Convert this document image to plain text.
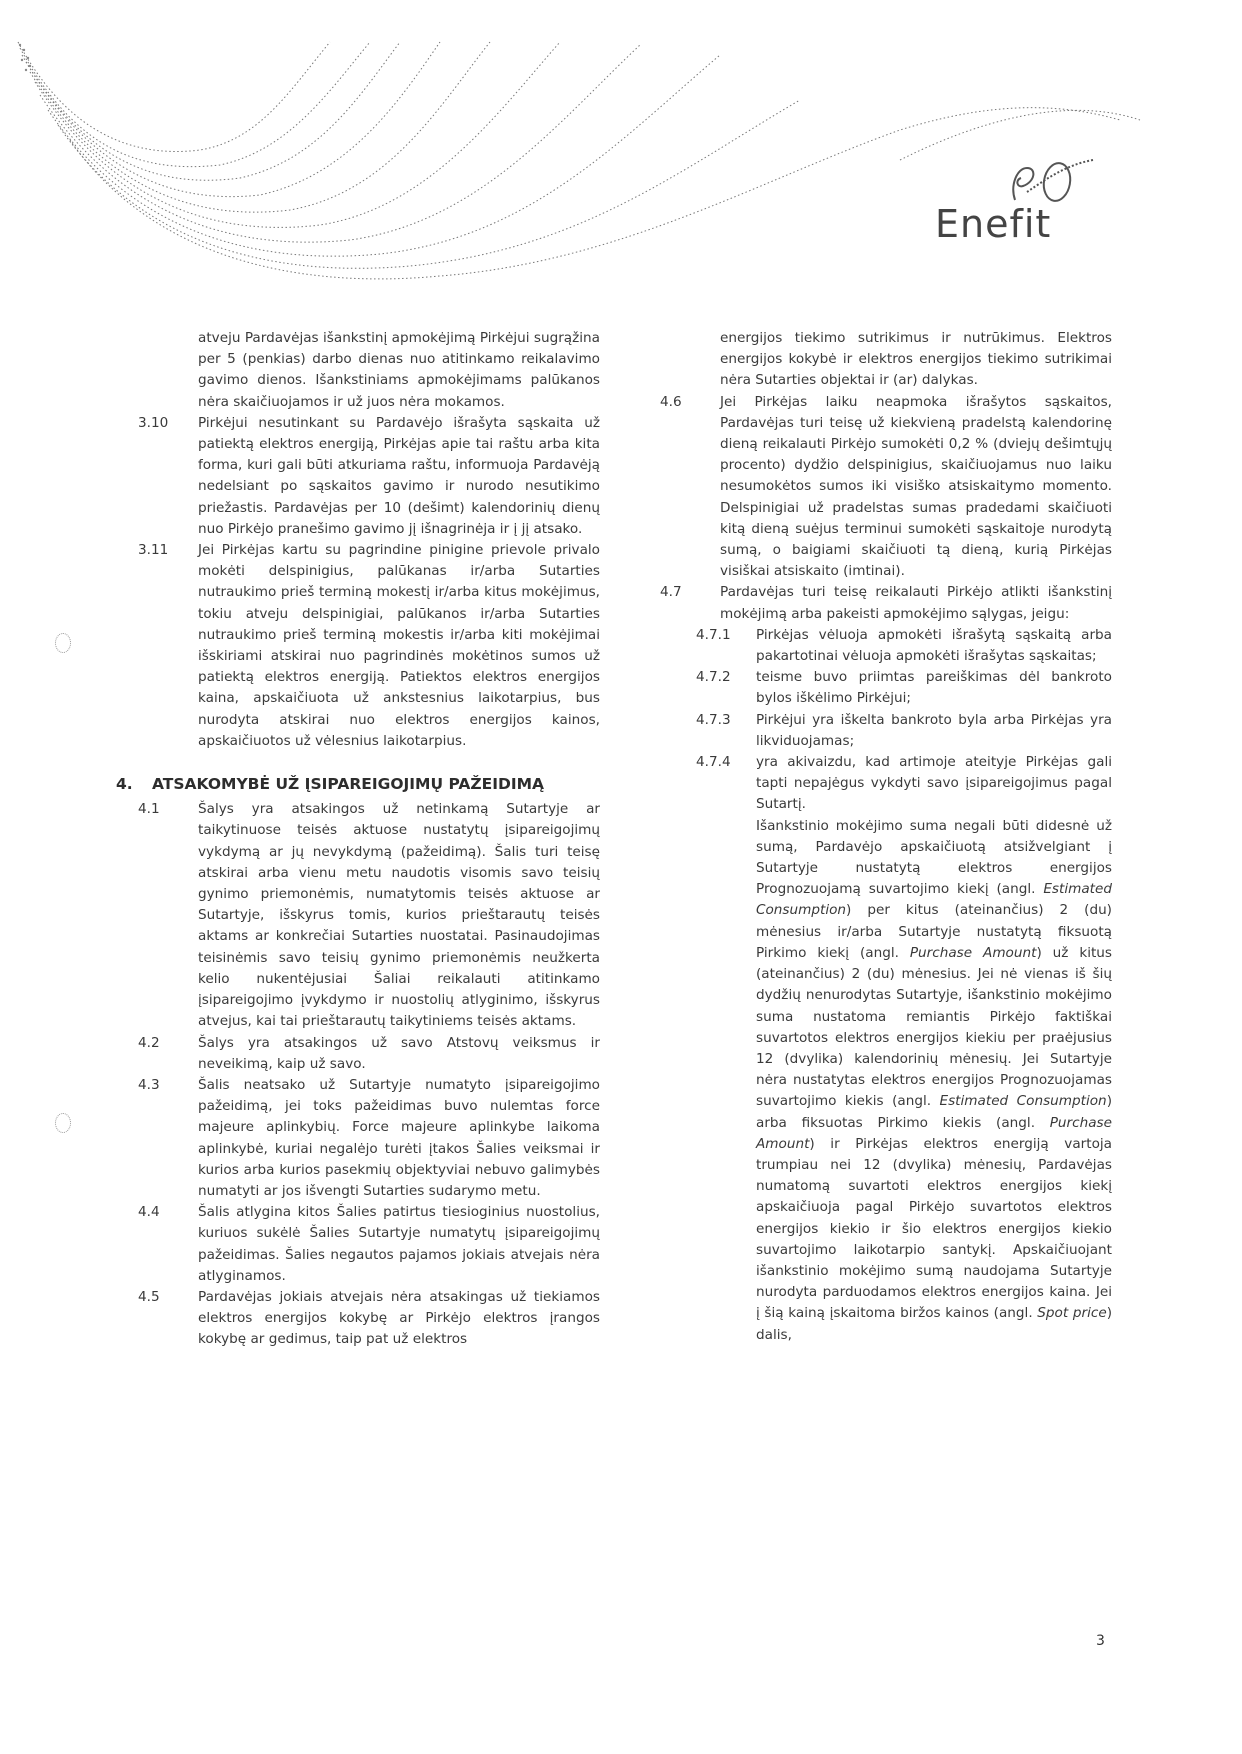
Enefit
atveju Pardavėjas išankstinį apmokėjimą Pirkėjui sugrąžina per 5 (penkias) darbo dienas nuo atitinkamo reikalavimo gavimo dienos. Išankstiniams apmokėjimams palūkanos nėra skaičiuojamos ir už juos nėra mokamos.
3.10	Pirkėjui nesutinkant su Pardavėjo išrašyta sąskaita už patiektą elektros energiją, Pirkėjas apie tai raštu arba kita forma, kuri gali būti atkuriama raštu, informuoja Pardavėją nedelsiant po sąskaitos gavimo ir nurodo nesutikimo priežastis. Pardavėjas per 10 (dešimt) kalendorinių dienų nuo Pirkėjo pranešimo gavimo jį išnagrinėja ir į jį atsako.
3.11	Jei Pirkėjas kartu su pagrindine pinigine prievole privalo mokėti delspinigius, palūkanas ir/arba Sutarties nutraukimo prieš terminą mokestį ir/arba kitus mokėjimus, tokiu atveju delspinigiai, palūkanos ir/arba Sutarties nutraukimo prieš terminą mokestis ir/arba kiti mokėjimai išskiriami atskirai nuo pagrindinės mokėtinos sumos už patiektą elektros energiją. Patiektos elektros energijos kaina, apskaičiuota už ankstesnius laikotarpius, bus nurodyta atskirai nuo elektros energijos kainos, apskaičiuotos už vėlesnius laikotarpius.
4.	ATSAKOMYBĖ UŽ ĮSIPAREIGOJIMŲ PAŽEIDIMĄ
4.1	Šalys yra atsakingos už netinkamą Sutartyje ar taikytinuose teisės aktuose nustatytų įsipareigojimų vykdymą ar jų nevykdymą (pažeidimą). Šalis turi teisę atskirai arba vienu metu naudotis visomis savo teisių gynimo priemonėmis, numatytomis teisės aktuose ar Sutartyje, išskyrus tomis, kurios prieštarautų teisės aktams ar konkrečiai Sutarties nuostatai. Pasinaudojimas teisinėmis savo teisių gynimo priemonėmis neužkerta kelio nukentėjusiai Šaliai reikalauti atitinkamo įsipareigojimo įvykdymo ir nuostolių atlyginimo, išskyrus atvejus, kai tai prieštarautų taikytiniems teisės aktams.
4.2	Šalys yra atsakingos už savo Atstovų veiksmus ir neveikimą, kaip už savo.
4.3	Šalis neatsako už Sutartyje numatyto įsipareigojimo pažeidimą, jei toks pažeidimas buvo nulemtas force majeure aplinkybių. Force majeure aplinkybe laikoma aplinkybė, kuriai negalėjo turėti įtakos Šalies veiksmai ir kurios arba kurios pasekmių objektyviai nebuvo galimybės numatyti ar jos išvengti Sutarties sudarymo metu.
4.4	Šalis atlygina kitos Šalies patirtus tiesioginius nuostolius, kuriuos sukėlė Šalies Sutartyje numatytų įsipareigojimų pažeidimas. Šalies negautos pajamos jokiais atvejais nėra atlyginamos.
4.5	Pardavėjas jokiais atvejais nėra atsakingas už tiekiamos elektros energijos kokybę ar Pirkėjo elektros įrangos kokybę ar gedimus, taip pat už elektros
energijos tiekimo sutrikimus ir nutrūkimus. Elektros energijos kokybė ir elektros energijos tiekimo sutrikimai nėra Sutarties objektai ir (ar) dalykas.
4.6	Jei Pirkėjas laiku neapmoka išrašytos sąskaitos, Pardavėjas turi teisę už kiekvieną pradelstą kalendorinę dieną reikalauti Pirkėjo sumokėti 0,2 % (dviejų dešimtųjų procento) dydžio delspinigius, skaičiuojamus nuo laiku nesumokėtos sumos iki visiško atsiskaitymo momento. Delspinigiai už pradelstas sumas pradedami skaičiuoti kitą dieną suėjus terminui sumokėti sąskaitoje nurodytą sumą, o baigiami skaičiuoti tą dieną, kurią Pirkėjas visiškai atsiskaito (imtinai).
4.7	Pardavėjas turi teisę reikalauti Pirkėjo atlikti išankstinį mokėjimą arba pakeisti apmokėjimo sąlygas, jeigu:
4.7.1	Pirkėjas vėluoja apmokėti išrašytą sąskaitą arba pakartotinai vėluoja apmokėti išrašytas sąskaitas;
4.7.2	teisme buvo priimtas pareiškimas dėl bankroto bylos iškėlimo Pirkėjui;
4.7.3	Pirkėjui yra iškelta bankroto byla arba Pirkėjas yra likviduojamas;
4.7.4	yra akivaizdu, kad artimoje ateityje Pirkėjas gali tapti nepajėgus vykdyti savo įsipareigojimus pagal Sutartį.
Išankstinio mokėjimo suma negali būti didesnė už sumą, Pardavėjo apskaičiuotą atsižvelgiant į Sutartyje nustatytą elektros energijos Prognozuojamą suvartojimo kiekį (angl. Estimated Consumption) per kitus (ateinančius) 2 (du) mėnesius ir/arba Sutartyje nustatytą fiksuotą Pirkimo kiekį (angl. Purchase Amount) už kitus (ateinančius) 2 (du) mėnesius. Jei nė vienas iš šių dydžių nenurodytas Sutartyje, išankstinio mokėjimo suma nustatoma remiantis Pirkėjo faktiškai suvartotos elektros energijos kiekiu per praėjusius 12 (dvylika) kalendorinių mėnesių. Jei Sutartyje nėra nustatytas elektros energijos Prognozuojamas suvartojimo kiekis (angl. Estimated Consumption) arba fiksuotas Pirkimo kiekis (angl. Purchase Amount) ir Pirkėjas elektros energiją vartoja trumpiau nei 12 (dvylika) mėnesių, Pardavėjas numatomą suvartoti elektros energijos kiekį apskaičiuoja pagal Pirkėjo suvartotos elektros energijos kiekio ir šio elektros energijos kiekio suvartojimo laikotarpio santykį. Apskaičiuojant išankstinio mokėjimo sumą naudojama Sutartyje nurodyta parduodamos elektros energijos kaina. Jei į šią kainą įskaitoma biržos kainos (angl. Spot price) dalis,
3
